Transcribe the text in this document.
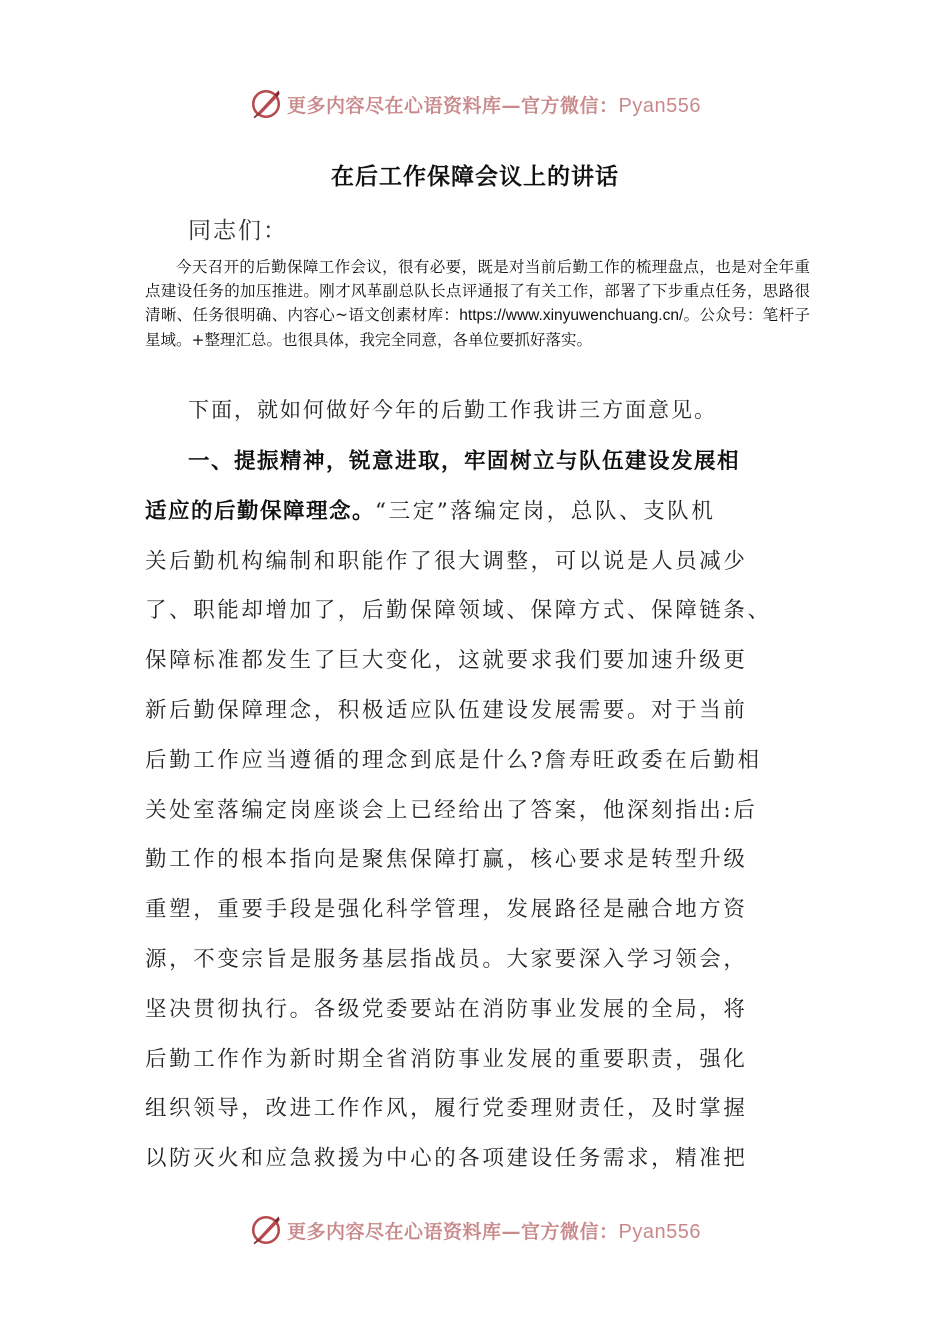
更多内容尽在心语资料库—官方微信：Pyan556
在后工作保障会议上的讲话
同志们：
今天召开的后勤保障工作会议，很有必要，既是对当前后勤工作的梳理盘点，也是对全年重点建设任务的加压推进。刚才风革副总队长点评通报了有关工作，部署了下步重点任务，思路很清晰、任务很明确、内容心~语文创素材库：https://www.xinyuwenchuang.cn/。公众号：笔杆子星域。+整理汇总。也很具体，我完全同意，各单位要抓好落实。
下面，就如何做好今年的后勤工作我讲三方面意见。
一、提振精神，锐意进取，牢固树立与队伍建设发展相
适应的后勤保障理念。“三定”落编定岗，总队、支队机
关后勤机构编制和职能作了很大调整，可以说是人员减少
了、职能却增加了，后勤保障领域、保障方式、保障链条、
保障标准都发生了巨大变化，这就要求我们要加速升级更
新后勤保障理念，积极适应队伍建设发展需要。对于当前
后勤工作应当遵循的理念到底是什么?詹寿旺政委在后勤相
关处室落编定岗座谈会上已经给出了答案，他深刻指出:后
勤工作的根本指向是聚焦保障打赢，核心要求是转型升级
重塑，重要手段是强化科学管理，发展路径是融合地方资
源，不变宗旨是服务基层指战员。大家要深入学习领会，
坚决贯彻执行。各级党委要站在消防事业发展的全局，将
后勤工作作为新时期全省消防事业发展的重要职责，强化
组织领导，改进工作作风，履行党委理财责任，及时掌握
以防灭火和应急救援为中心的各项建设任务需求，精准把
更多内容尽在心语资料库—官方微信：Pyan556
